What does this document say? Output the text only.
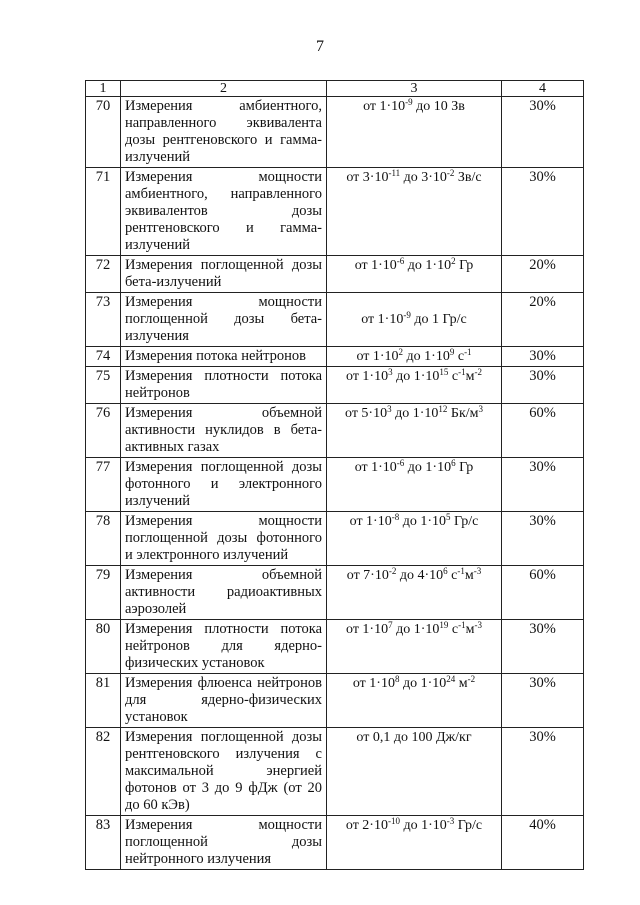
7
1	2	3	4
70	Измерения амбиентного, направленного эквивалента дозы рентгеновского и гамма-излучений	от $1\cdot 10^{-9}$ до 10 Зв	30%
71	Измерения мощности амбиентного, направленного эквивалентов дозы рентгеновского и гамма-излучений	от $3\cdot 10^{-11}$ до $3\cdot 10^{-2}$ Зв/с	30%
72	Измерения поглощенной дозы бета-излучений	от $1\cdot 10^{-6}$ до $1\cdot 10^2$ Гр	20%
73	Измерения мощности поглощенной дозы бета-излучения	от $1\cdot 10^{-9}$ до 1 Гр/с	20%
74	Измерения потока нейтронов	от $1\cdot 10^2$ до $1\cdot 10^9$ $с^{-1}$	30%
75	Измерения плотности потока нейтронов	от $1\cdot 10^3$ до $1\cdot 10^{15}$ $с^{-1}м^{-2}$	30%
76	Измерения объемной активности нуклидов в бета-активных газах	от $5\cdot 10^3$ до $1\cdot 10^{12}$ $Бк/м^3$	60%
77	Измерения поглощенной дозы фотонного и электронного излучений	от $1\cdot 10^{-6}$ до $1\cdot 10^6$ Гр	30%
78	Измерения мощности поглощенной дозы фотонного и электронного излучений	от $1\cdot 10^{-8}$ до $1\cdot 10^5$ Гр/с	30%
79	Измерения объемной активности радиоактивных аэрозолей	от $7\cdot 10^{-2}$ до $4\cdot 10^6$ $с^{-1}м^{-3}$	60%
80	Измерения плотности потока нейтронов для ядерно-физических установок	от $1\cdot 10^7$ до $1\cdot 10^{19}$ $с^{-1}м^{-3}$	30%
81	Измерения флюенса нейтронов для ядерно-физических установок	от $1\cdot 10^8$ до $1\cdot 10^{24}$ $м^{-2}$	30%
82	Измерения поглощенной дозы рентгеновского излучения с максимальной энергией фотонов от 3 до 9 фДж (от 20 до 60 кЭв)	от 0,1 до 100 Дж/кг	30%
83	Измерения мощности поглощенной дозы нейтронного излучения	от $2\cdot 10^{-10}$ до $1\cdot 10^{-3}$ Гр/с	40%
